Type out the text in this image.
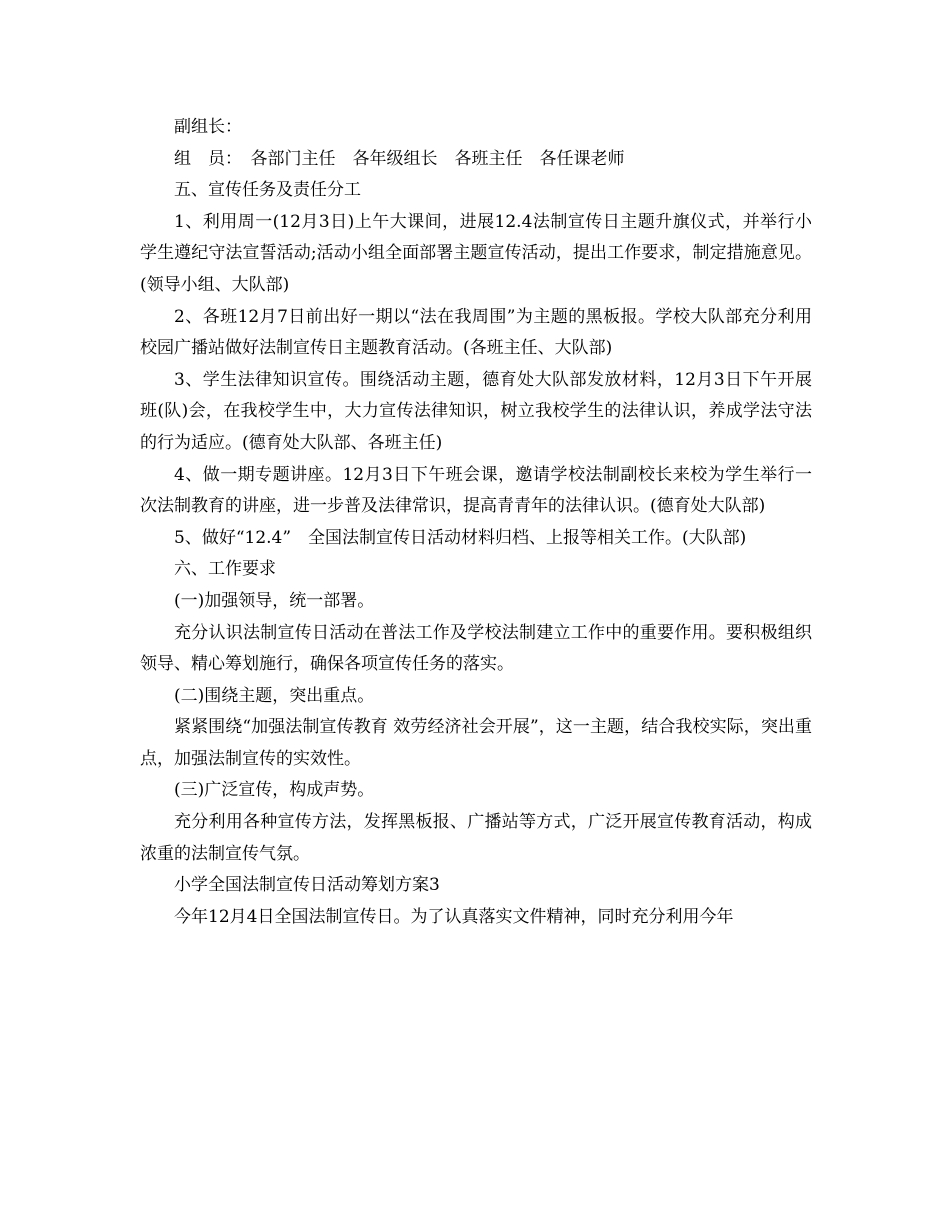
副组长：

组　员：　各部门主任　各年级组长　各班主任　各任课老师

五、宣传任务及责任分工

1、利用周一(12月3日)上午大课间，进展12.4法制宣传日主题升旗仪式，并举行小学生遵纪守法宣誓活动;活动小组全面部署主题宣传活动，提出工作要求，制定措施意见。(领导小组、大队部)

2、各班12月7日前出好一期以“法在我周围”为主题的黑板报。学校大队部充分利用校园广播站做好法制宣传日主题教育活动。(各班主任、大队部)

3、学生法律知识宣传。围绕活动主题，德育处大队部发放材料，12月3日下午开展班(队)会，在我校学生中，大力宣传法律知识，树立我校学生的法律认识，养成学法守法的行为适应。(德育处大队部、各班主任)

4、做一期专题讲座。12月3日下午班会课，邀请学校法制副校长来校为学生举行一次法制教育的讲座，进一步普及法律常识，提高青青年的法律认识。(德育处大队部)

5、做好“12.4”　全国法制宣传日活动材料归档、上报等相关工作。(大队部)

六、工作要求

(一)加强领导，统一部署。

充分认识法制宣传日活动在普法工作及学校法制建立工作中的重要作用。要积极组织领导、精心筹划施行，确保各项宣传任务的落实。

(二)围绕主题，突出重点。

紧紧围绕“加强法制宣传教育 效劳经济社会开展”，这一主题，结合我校实际，突出重点，加强法制宣传的实效性。

(三)广泛宣传，构成声势。

充分利用各种宣传方法，发挥黑板报、广播站等方式，广泛开展宣传教育活动，构成浓重的法制宣传气氛。

小学全国法制宣传日活动筹划方案3

今年12月4日全国法制宣传日。为了认真落实文件精神，同时充分利用今年
